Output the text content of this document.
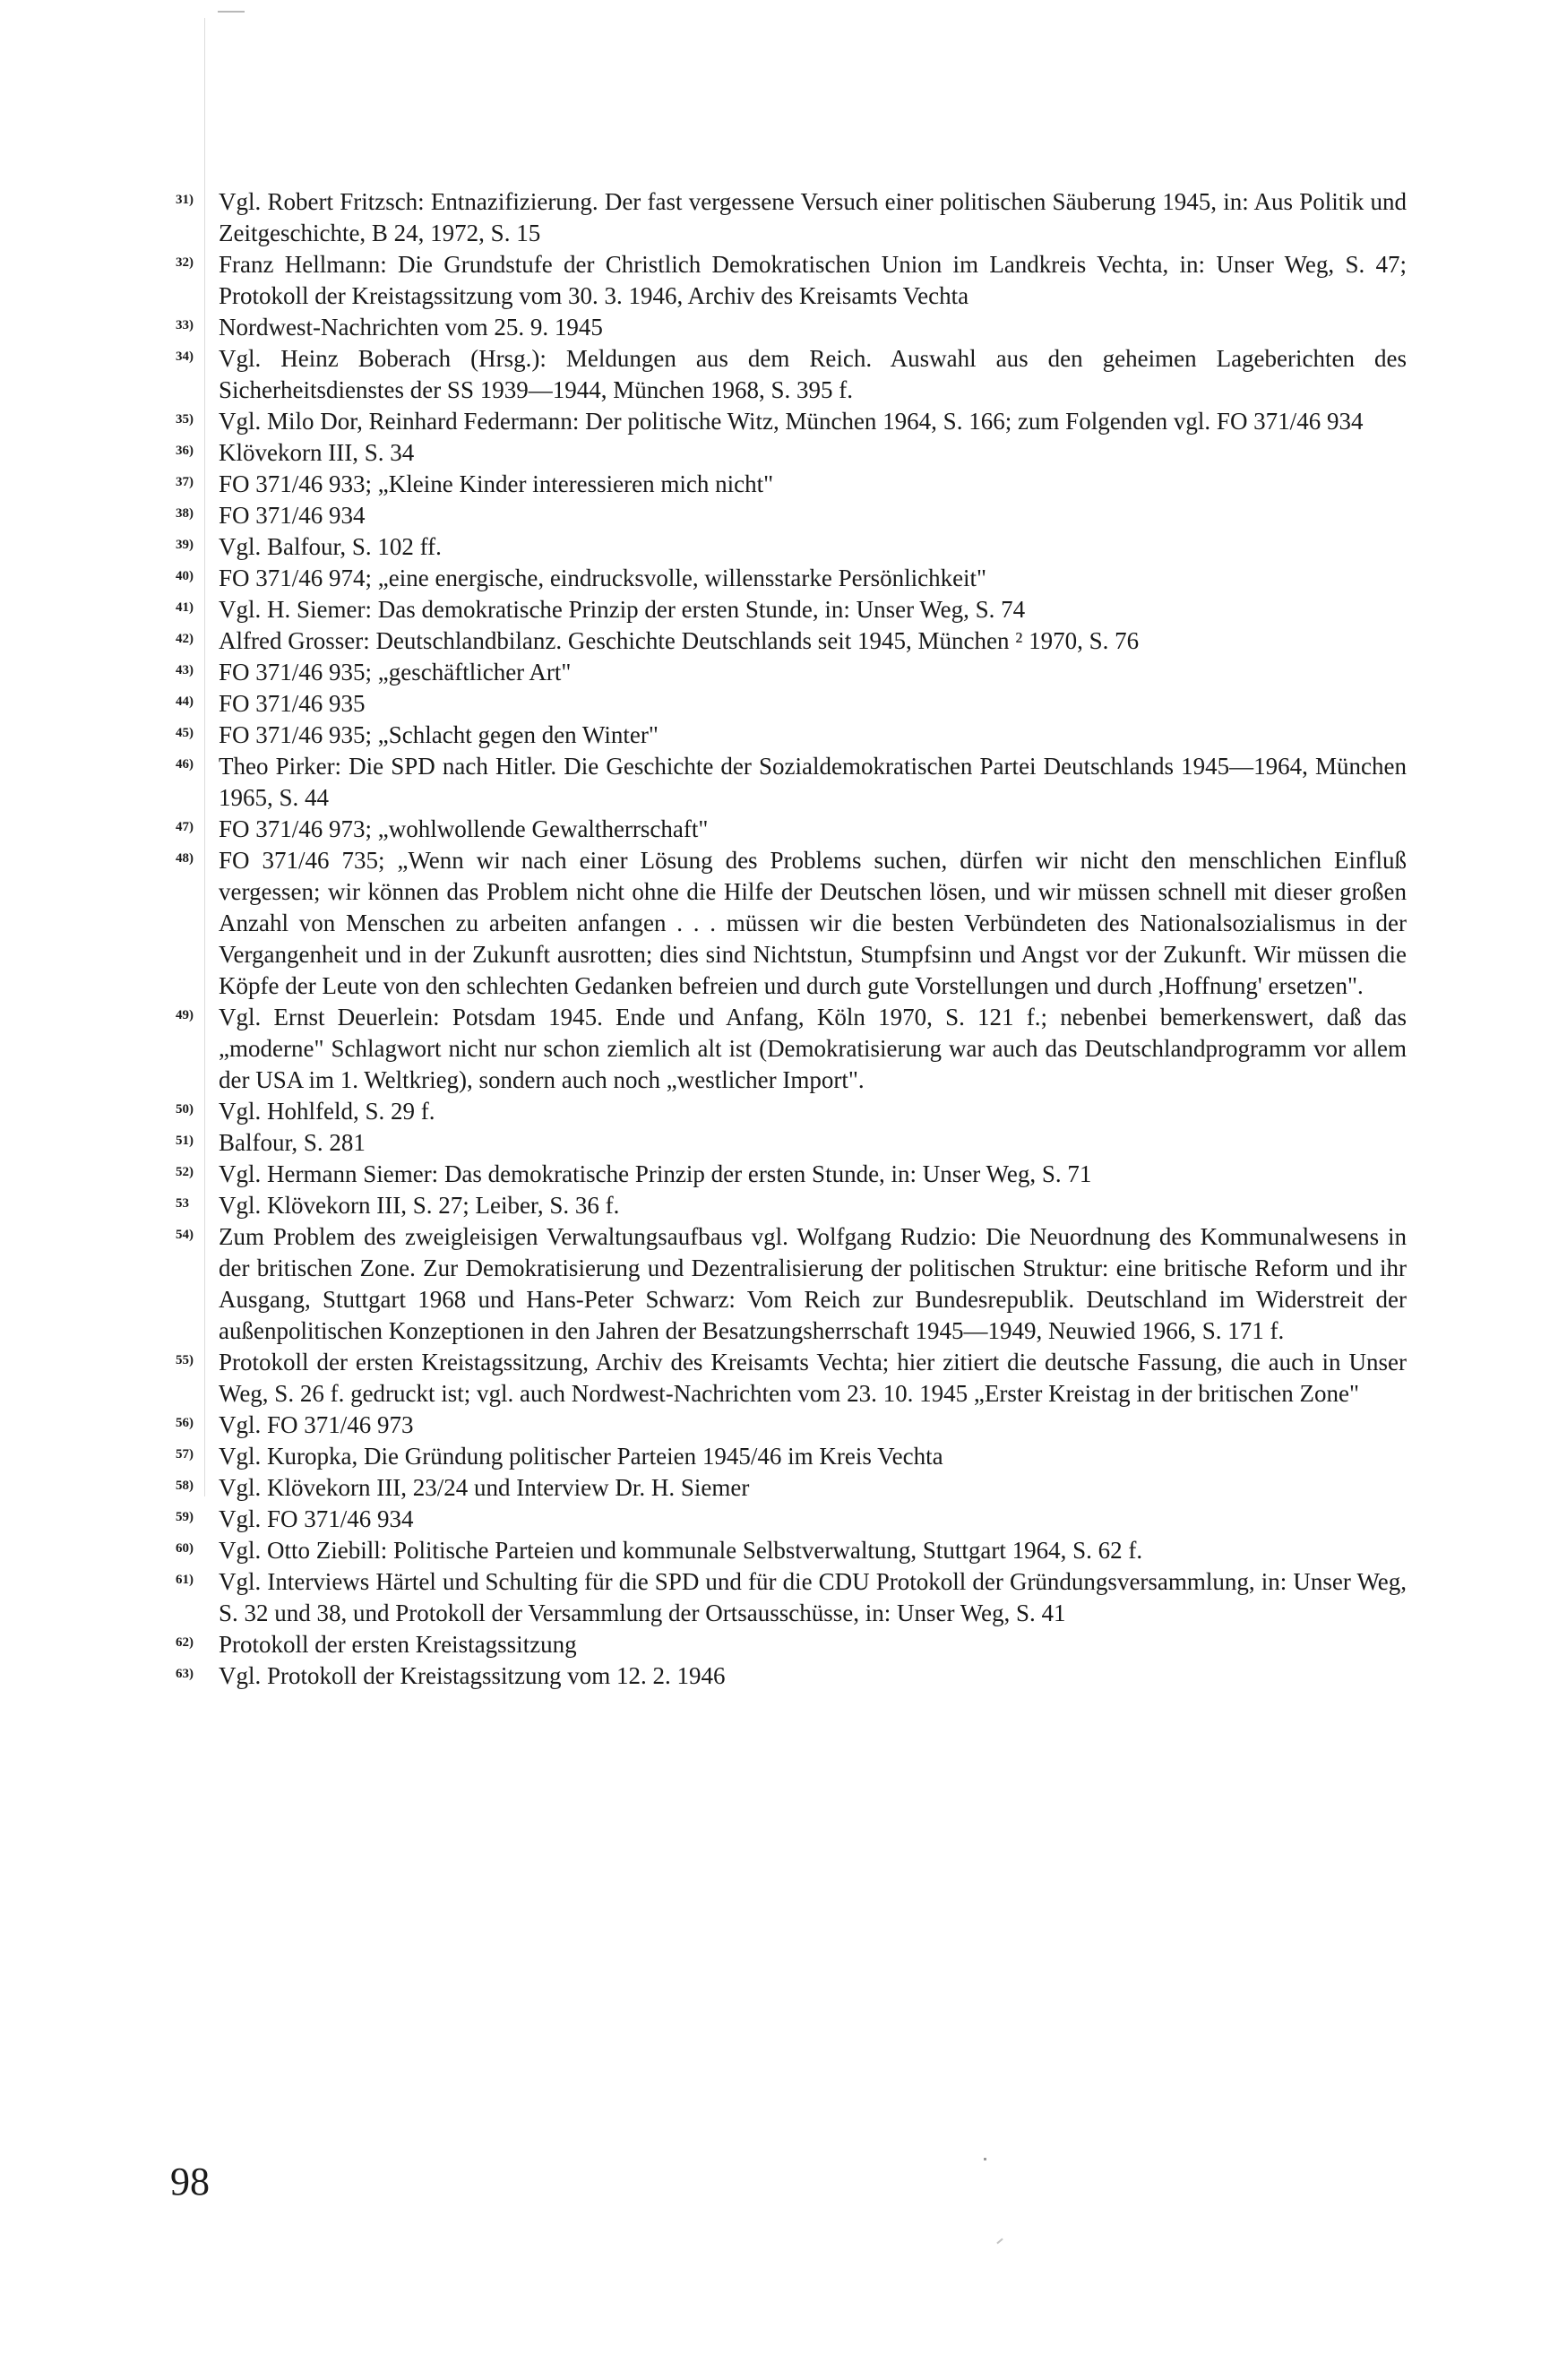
31)	Vgl. Robert Fritzsch: Entnazifizierung. Der fast vergessene Versuch einer politischen Säuberung 1945, in: Aus Politik und Zeitgeschichte, B 24, 1972, S. 15
32)	Franz Hellmann: Die Grundstufe der Christlich Demokratischen Union im Landkreis Vechta, in: Unser Weg, S. 47; Protokoll der Kreistagssitzung vom 30. 3. 1946, Archiv des Kreisamts Vechta
33)	Nordwest-Nachrichten vom 25. 9. 1945
34)	Vgl. Heinz Boberach (Hrsg.): Meldungen aus dem Reich. Auswahl aus den geheimen Lageberichten des Sicherheitsdienstes der SS 1939—1944, München 1968, S. 395 f.
35)	Vgl. Milo Dor, Reinhard Federmann: Der politische Witz, München 1964, S. 166; zum Folgenden vgl. FO 371/46 934
36)	Klövekorn III, S. 34
37)	FO 371/46 933; „Kleine Kinder interessieren mich nicht"
38)	FO 371/46 934
39)	Vgl. Balfour, S. 102 ff.
40)	FO 371/46 974; „eine energische, eindrucksvolle, willensstarke Persönlichkeit"
41)	Vgl. H. Siemer: Das demokratische Prinzip der ersten Stunde, in: Unser Weg, S. 74
42)	Alfred Grosser: Deutschlandbilanz. Geschichte Deutschlands seit 1945, München ² 1970, S. 76
43)	FO 371/46 935; „geschäftlicher Art"
44)	FO 371/46 935
45)	FO 371/46 935; „Schlacht gegen den Winter"
46)	Theo Pirker: Die SPD nach Hitler. Die Geschichte der Sozialdemokratischen Partei Deutschlands 1945—1964, München 1965, S. 44
47)	FO 371/46 973; „wohlwollende Gewaltherrschaft"
48)	FO 371/46 735; „Wenn wir nach einer Lösung des Problems suchen, dürfen wir nicht den menschlichen Einfluß vergessen; wir können das Problem nicht ohne die Hilfe der Deutschen lösen, und wir müssen schnell mit dieser großen Anzahl von Menschen zu arbeiten anfangen . . . müssen wir die besten Verbündeten des Nationalsozialismus in der Vergangenheit und in der Zukunft ausrotten; dies sind Nichtstun, Stumpfsinn und Angst vor der Zukunft. Wir müssen die Köpfe der Leute von den schlechten Gedanken befreien und durch gute Vorstellungen und durch ,Hoffnung' ersetzen".
49)	Vgl. Ernst Deuerlein: Potsdam 1945. Ende und Anfang, Köln 1970, S. 121 f.; nebenbei bemerkenswert, daß das „moderne" Schlagwort nicht nur schon ziemlich alt ist (Demokratisierung war auch das Deutschlandprogramm vor allem der USA im 1. Weltkrieg), sondern auch noch „westlicher Import".
50)	Vgl. Hohlfeld, S. 29 f.
51)	Balfour, S. 281
52)	Vgl. Hermann Siemer: Das demokratische Prinzip der ersten Stunde, in: Unser Weg, S. 71
53	Vgl. Klövekorn III, S. 27; Leiber, S. 36 f.
54)	Zum Problem des zweigleisigen Verwaltungsaufbaus vgl. Wolfgang Rudzio: Die Neuordnung des Kommunalwesens in der britischen Zone. Zur Demokratisierung und Dezentralisierung der politischen Struktur: eine britische Reform und ihr Ausgang, Stuttgart 1968 und Hans-Peter Schwarz: Vom Reich zur Bundesrepublik. Deutschland im Widerstreit der außenpolitischen Konzeptionen in den Jahren der Besatzungsherrschaft 1945—1949, Neuwied 1966, S. 171 f.
55)	Protokoll der ersten Kreistagssitzung, Archiv des Kreisamts Vechta; hier zitiert die deutsche Fassung, die auch in Unser Weg, S. 26 f. gedruckt ist; vgl. auch Nordwest-Nachrichten vom 23. 10. 1945 „Erster Kreistag in der britischen Zone"
56)	Vgl. FO 371/46 973
57)	Vgl. Kuropka, Die Gründung politischer Parteien 1945/46 im Kreis Vechta
58)	Vgl. Klövekorn III, 23/24 und Interview Dr. H. Siemer
59)	Vgl. FO 371/46 934
60)	Vgl. Otto Ziebill: Politische Parteien und kommunale Selbstverwaltung, Stuttgart 1964, S. 62 f.
61)	Vgl. Interviews Härtel und Schulting für die SPD und für die CDU Protokoll der Gründungsversammlung, in: Unser Weg, S. 32 und 38, und Protokoll der Versammlung der Ortsausschüsse, in: Unser Weg, S. 41
62)	Protokoll der ersten Kreistagssitzung
63)	Vgl. Protokoll der Kreistagssitzung vom 12. 2. 1946
98
